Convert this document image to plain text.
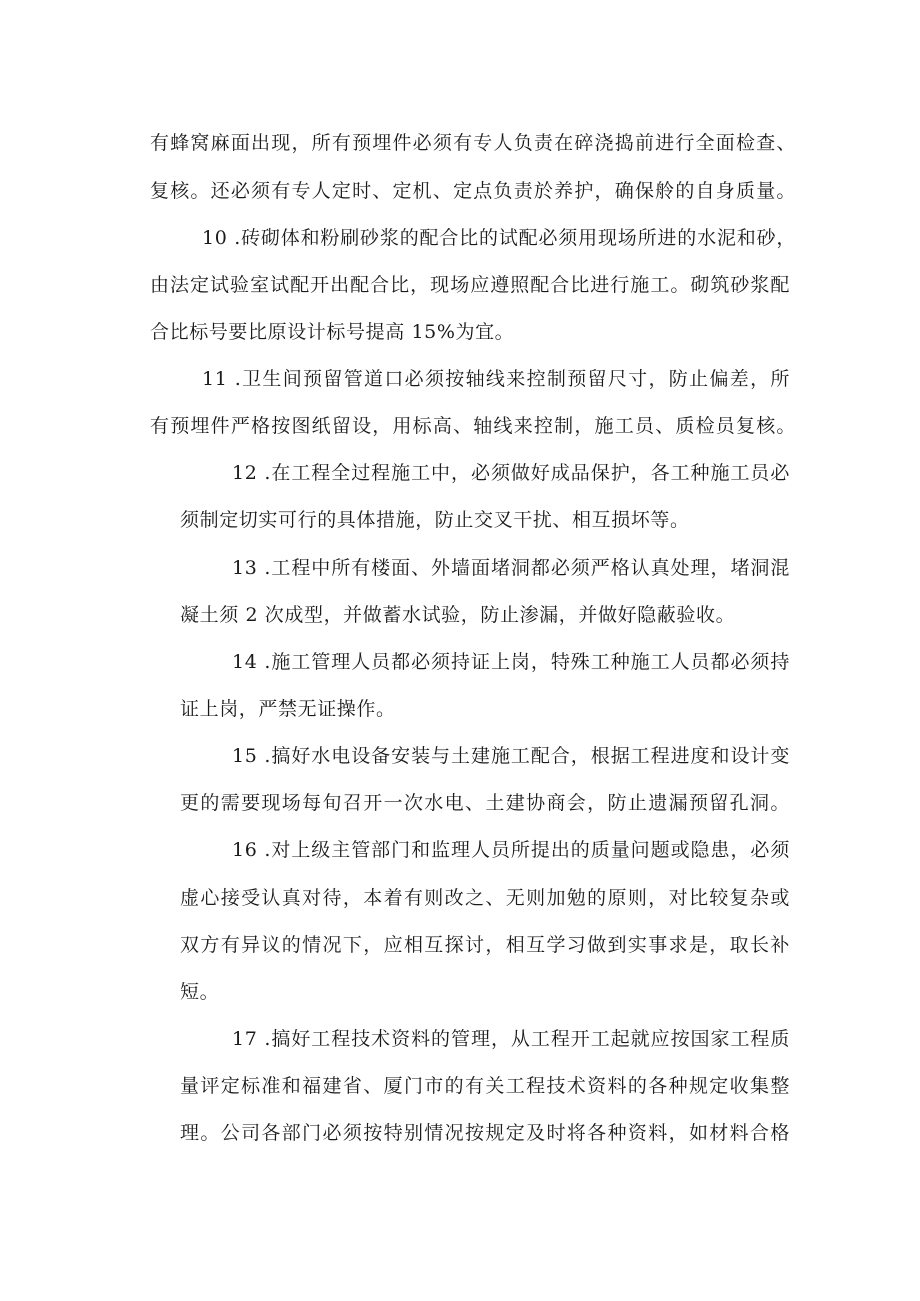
有蜂窝麻面出现，所有预埋件必须有专人负责在碎浇捣前进行全面检查、

复核。还必须有专人定时、定机、定点负责於养护，确保舲的自身质量。

10 .砖砌体和粉刷砂浆的配合比的试配必须用现场所进的水泥和砂，

由法定试验室试配开出配合比，现场应遵照配合比进行施工。砌筑砂浆配

合比标号要比原设计标号提高 15%为宜。

11 .卫生间预留管道口必须按轴线来控制预留尺寸，防止偏差，所

有预埋件严格按图纸留设，用标高、轴线来控制，施工员、质检员复核。

12 .在工程全过程施工中，必须做好成品保护，各工种施工员必

须制定切实可行的具体措施，防止交叉干扰、相互损坏等。

13 .工程中所有楼面、外墙面堵洞都必须严格认真处理，堵洞混

凝土须 2 次成型，并做蓄水试验，防止渗漏，并做好隐蔽验收。

14 .施工管理人员都必须持证上岗，特殊工种施工人员都必须持

证上岗，严禁无证操作。

15 .搞好水电设备安装与土建施工配合，根据工程进度和设计变

更的需要现场每旬召开一次水电、土建协商会，防止遗漏预留孔洞。

16 .对上级主管部门和监理人员所提出的质量问题或隐患，必须

虚心接受认真对待，本着有则改之、无则加勉的原则，对比较复杂或

双方有异议的情况下，应相互探讨，相互学习做到实事求是，取长补

短。

17 .搞好工程技术资料的管理，从工程开工起就应按国家工程质

量评定标准和福建省、厦门市的有关工程技术资料的各种规定收集整

理。公司各部门必须按特别情况按规定及时将各种资料，如材料合格
